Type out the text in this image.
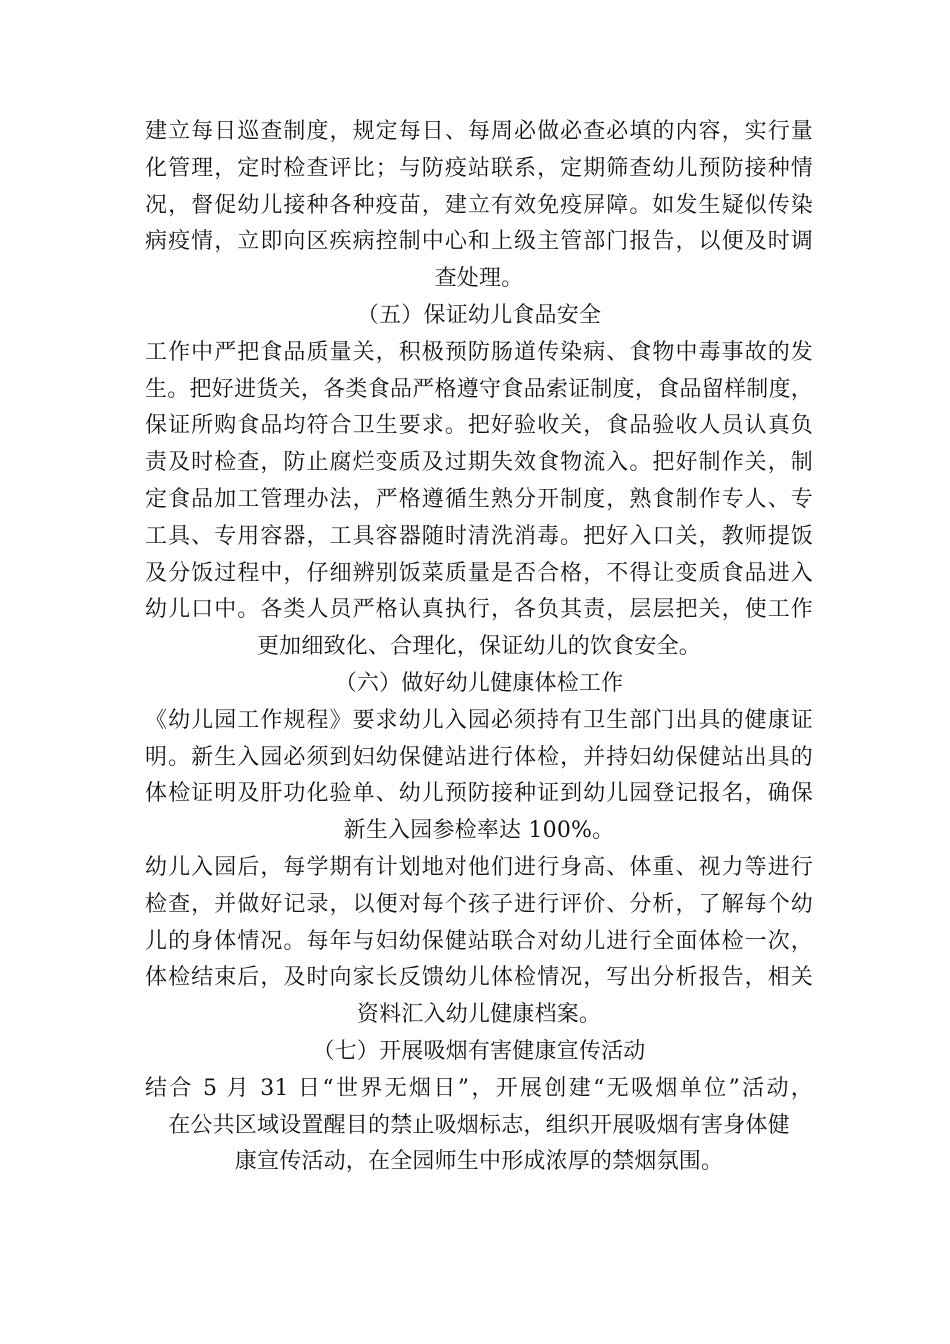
建立每日巡查制度，规定每日、每周必做必查必填的内容，实行量
化管理，定时检查评比；与防疫站联系，定期筛查幼儿预防接种情
况，督促幼儿接种各种疫苗，建立有效免疫屏障。如发生疑似传染
病疫情，立即向区疾病控制中心和上级主管部门报告，以便及时调
查处理。
（五）保证幼儿食品安全
工作中严把食品质量关，积极预防肠道传染病、食物中毒事故的发
生。把好进货关，各类食品严格遵守食品索证制度，食品留样制度，
保证所购食品均符合卫生要求。把好验收关，食品验收人员认真负
责及时检查，防止腐烂变质及过期失效食物流入。把好制作关，制
定食品加工管理办法，严格遵循生熟分开制度，熟食制作专人、专
工具、专用容器，工具容器随时清洗消毒。把好入口关，教师提饭
及分饭过程中，仔细辨别饭菜质量是否合格，不得让变质食品进入
幼儿口中。各类人员严格认真执行，各负其责，层层把关，使工作
更加细致化、合理化，保证幼儿的饮食安全。
（六）做好幼儿健康体检工作
《幼儿园工作规程》要求幼儿入园必须持有卫生部门出具的健康证
明。新生入园必须到妇幼保健站进行体检，并持妇幼保健站出具的
体检证明及肝功化验单、幼儿预防接种证到幼儿园登记报名，确保
新生入园参检率达 100%。
幼儿入园后，每学期有计划地对他们进行身高、体重、视力等进行
检查，并做好记录，以便对每个孩子进行评价、分析，了解每个幼
儿的身体情况。每年与妇幼保健站联合对幼儿进行全面体检一次，
体检结束后，及时向家长反馈幼儿体检情况，写出分析报告，相关
资料汇入幼儿健康档案。
（七）开展吸烟有害健康宣传活动
结合 5 月 31 日“世界无烟日”，开展创建“无吸烟单位”活动，
在公共区域设置醒目的禁止吸烟标志，组织开展吸烟有害身体健
康宣传活动，在全园师生中形成浓厚的禁烟氛围。
